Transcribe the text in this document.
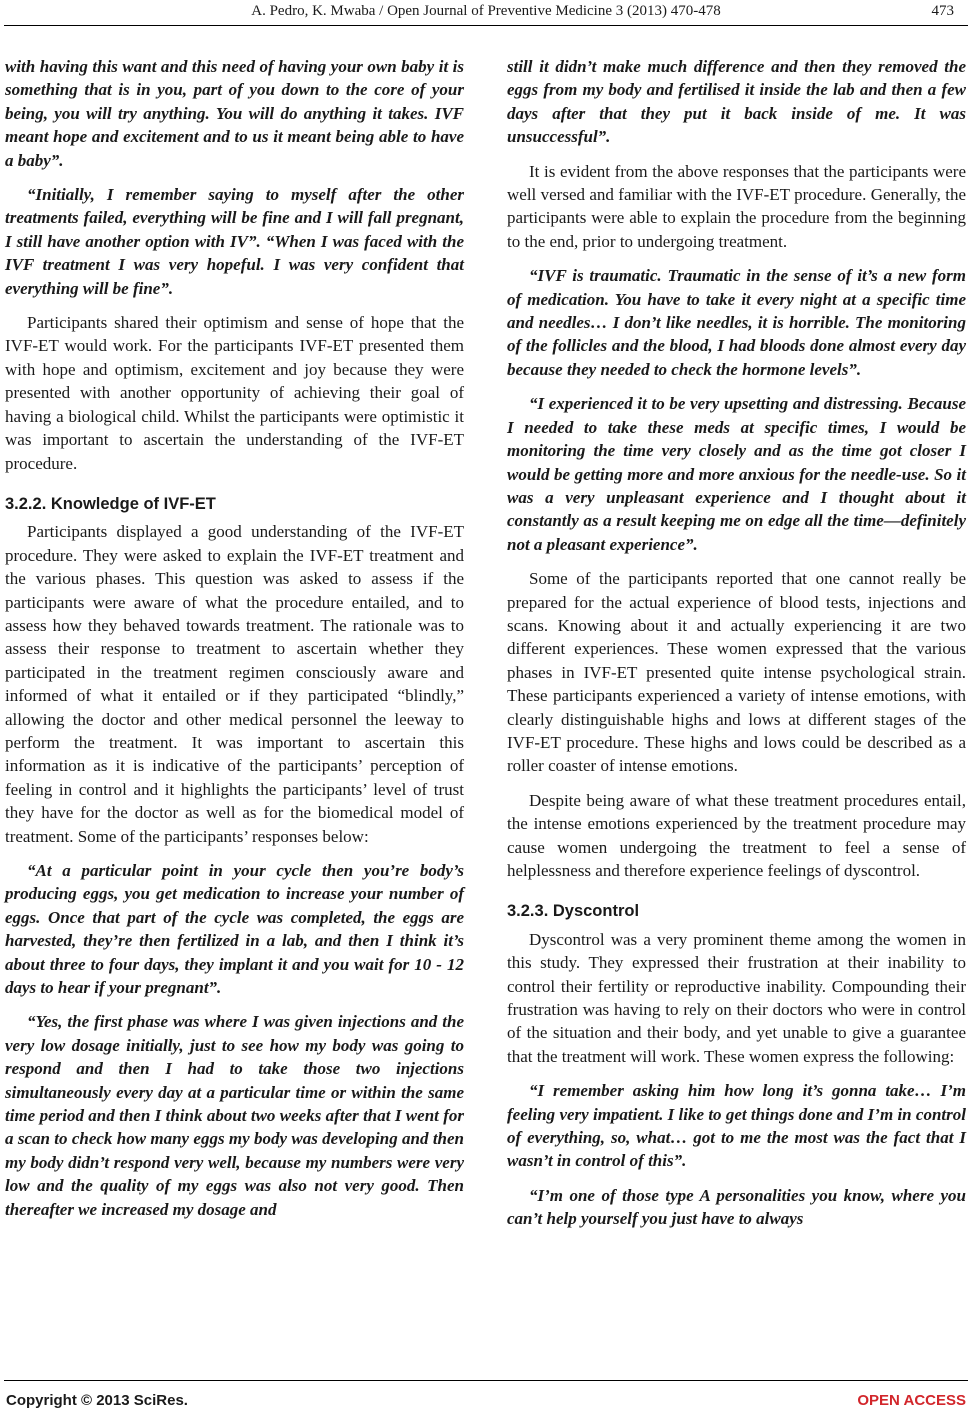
A. Pedro, K. Mwaba / Open Journal of Preventive Medicine 3 (2013) 470-478	473

with having this want and this need of having your own baby it is something that is in you, part of you down to the core of your being, you will try anything. You will do anything it takes. IVF meant hope and excitement and to us it meant being able to have a baby”.

“Initially, I remember saying to myself after the other treatments failed, everything will be fine and I will fall pregnant, I still have another option with IV”. “When I was faced with the IVF treatment I was very hopeful. I was very confident that everything will be fine”.

Participants shared their optimism and sense of hope that the IVF-ET would work. For the participants IVF-ET presented them with hope and optimism, excitement and joy because they were presented with another opportunity of achieving their goal of having a biological child. Whilst the participants were optimistic it was important to ascertain the understanding of the IVF-ET procedure.

3.2.2. Knowledge of IVF-ET

Participants displayed a good understanding of the IVF-ET procedure. They were asked to explain the IVF-ET treatment and the various phases. This question was asked to assess if the participants were aware of what the procedure entailed, and to assess how they behaved towards treatment. The rationale was to assess their response to treatment to ascertain whether they participated in the treatment regimen consciously aware and informed of what it entailed or if they participated “blindly,” allowing the doctor and other medical personnel the leeway to perform the treatment. It was important to ascertain this information as it is indicative of the participants’ perception of feeling in control and it highlights the participants’ level of trust they have for the doctor as well as for the biomedical model of treatment. Some of the participants’ responses below:

“At a particular point in your cycle then you’re body’s producing eggs, you get medication to increase your number of eggs. Once that part of the cycle was completed, the eggs are harvested, they’re then fertilized in a lab, and then I think it’s about three to four days, they implant it and you wait for 10 - 12 days to hear if your pregnant”.

“Yes, the first phase was where I was given injections and the very low dosage initially, just to see how my body was going to respond and then I had to take those two injections simultaneously every day at a particular time or within the same time period and then I think about two weeks after that I went for a scan to check how many eggs my body was developing and then my body didn’t respond very well, because my numbers were very low and the quality of my eggs was also not very good. Then thereafter we increased my dosage and

still it didn’t make much difference and then they removed the eggs from my body and fertilised it inside the lab and then a few days after that they put it back inside of me. It was unsuccessful”.

It is evident from the above responses that the participants were well versed and familiar with the IVF-ET procedure. Generally, the participants were able to explain the procedure from the beginning to the end, prior to undergoing treatment.

“IVF is traumatic. Traumatic in the sense of it’s a new form of medication. You have to take it every night at a specific time and needles… I don’t like needles, it is horrible. The monitoring of the follicles and the blood, I had bloods done almost every day because they needed to check the hormone levels”.

“I experienced it to be very upsetting and distressing. Because I needed to take these meds at specific times, I would be monitoring the time very closely and as the time got closer I would be getting more and more anxious for the needle-use. So it was a very unpleasant experience and I thought about it constantly as a result keeping me on edge all the time—definitely not a pleasant experience”.

Some of the participants reported that one cannot really be prepared for the actual experience of blood tests, injections and scans. Knowing about it and actually experiencing it are two different experiences. These women expressed that the various phases in IVF-ET presented quite intense psychological strain. These participants experienced a variety of intense emotions, with clearly distinguishable highs and lows at different stages of the IVF-ET procedure. These highs and lows could be described as a roller coaster of intense emotions.

Despite being aware of what these treatment procedures entail, the intense emotions experienced by the treatment procedure may cause women undergoing the treatment to feel a sense of helplessness and therefore experience feelings of dyscontrol.

3.2.3. Dyscontrol

Dyscontrol was a very prominent theme among the women in this study. They expressed their frustration at their inability to control their fertility or reproductive inability. Compounding their frustration was having to rely on their doctors who were in control of the situation and their body, and yet unable to give a guarantee that the treatment will work. These women express the following:

“I remember asking him how long it’s gonna take… I’m feeling very impatient. I like to get things done and I’m in control of everything, so, what… got to me the most was the fact that I wasn’t in control of this”.

“I’m one of those type A personalities you know, where you can’t help yourself you just have to always

Copyright © 2013 SciRes.	OPEN ACCESS
